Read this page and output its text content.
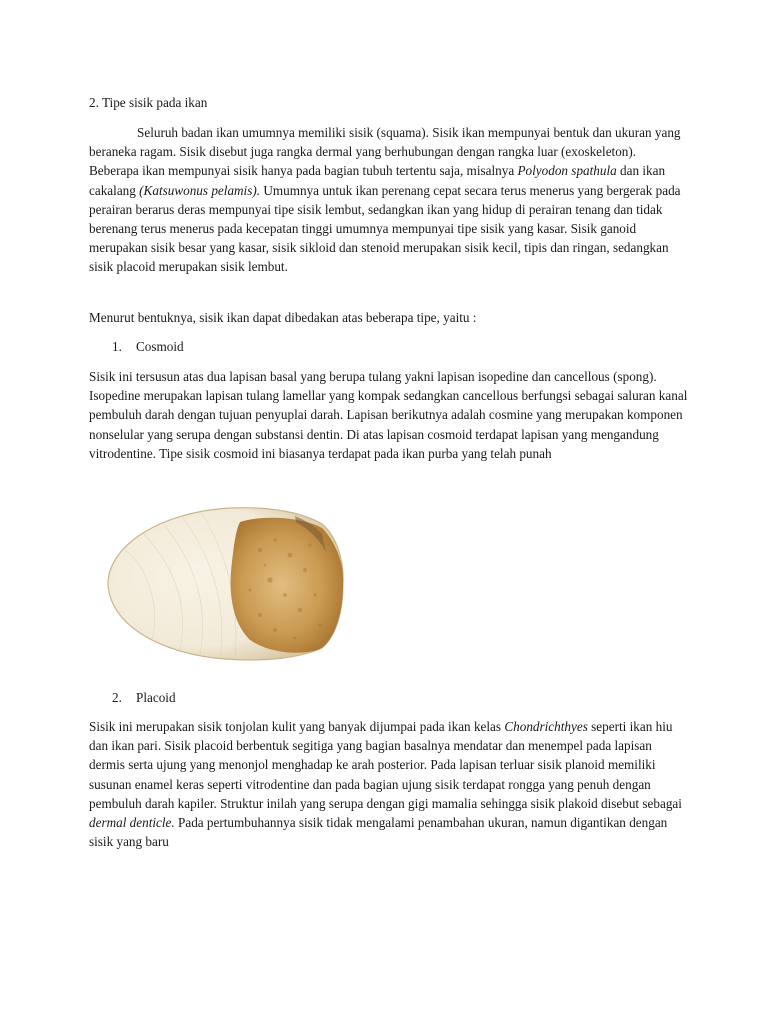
2. Tipe sisik pada ikan

Seluruh badan ikan umumnya memiliki sisik (squama). Sisik ikan mempunyai bentuk dan ukuran yang beraneka ragam. Sisik disebut juga rangka dermal yang berhubungan dengan rangka luar (exoskeleton). Beberapa ikan mempunyai sisik hanya pada bagian tubuh tertentu saja, misalnya Polyodon spathula dan ikan cakalang (Katsuwonus pelamis). Umumnya untuk ikan perenang cepat secara terus menerus yang bergerak pada perairan berarus deras mempunyai tipe sisik lembut, sedangkan ikan yang hidup di perairan tenang dan tidak berenang terus menerus pada kecepatan tinggi umumnya mempunyai tipe sisik yang kasar. Sisik ganoid merupakan sisik besar yang kasar, sisik sikloid dan stenoid merupakan sisik kecil, tipis dan ringan, sedangkan sisik placoid merupakan sisik lembut.

Menurut bentuknya, sisik ikan dapat dibedakan atas beberapa tipe, yaitu :
1. Cosmoid

Sisik ini tersusun atas dua lapisan basal yang berupa tulang yakni lapisan isopedine dan cancellous (spong). Isopedine merupakan lapisan tulang lamellar yang kompak sedangkan cancellous berfungsi sebagai saluran kanal pembuluh darah dengan tujuan penyuplai darah. Lapisan berikutnya adalah cosmine yang merupakan komponen nonselular yang serupa dengan substansi dentin. Di atas lapisan cosmoid terdapat lapisan yang mengandung vitrodentine. Tipe sisik cosmoid ini biasanya terdapat pada ikan purba yang telah punah

2. Placoid

Sisik ini merupakan sisik tonjolan kulit yang banyak dijumpai pada ikan kelas Chondrichthyes seperti ikan hiu dan ikan pari. Sisik placoid berbentuk segitiga yang bagian basalnya mendatar dan menempel pada lapisan dermis serta ujung yang menonjol menghadap ke arah posterior. Pada lapisan terluar sisik planoid memiliki susunan enamel keras seperti vitrodentine dan pada bagian ujung sisik terdapat rongga yang penuh dengan pembuluh darah kapiler. Struktur inilah yang serupa dengan gigi mamalia sehingga sisik plakoid disebut sebagai dermal denticle. Pada pertumbuhannya sisik tidak mengalami penambahan ukuran, namun digantikan dengan sisik yang baru
